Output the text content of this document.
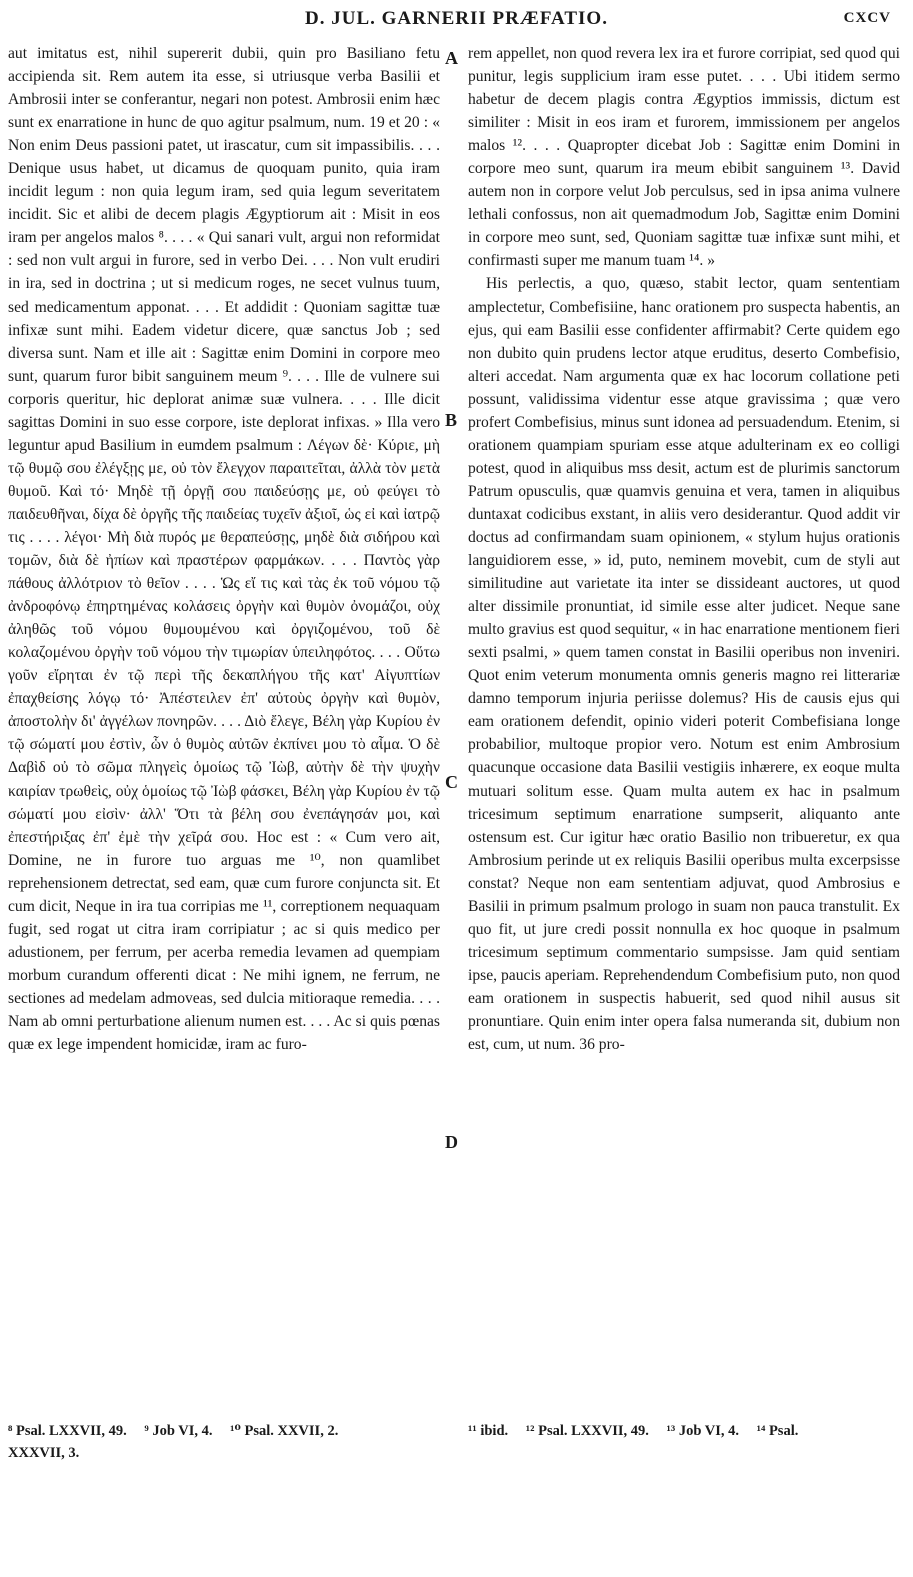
D. JUL. GARNERII PRÆFATIO.	CXCV

aut imitatus est, nihil supererit dubii, quin pro Basiliano fetu accipienda sit. Rem autem ita esse, si utriusque verba Basilii et Ambrosii inter se conferantur, negari non potest. Ambrosii enim hæc sunt ex enarratione in hunc de quo agitur psalmum, num. 19 et 20 : « Non enim Deus passioni patet, ut irascatur, cum sit impassibilis. . . . Denique usus habet, ut dicamus de quoquam punito, quia iram incidit legum : non quia legum iram, sed quia legum severitatem incidit. Sic et alibi de decem plagis Ægyptiorum ait : Misit in eos iram per angelos malos ⁸. . . . « Qui sanari vult, argui non reformidat : sed non vult argui in furore, sed in verbo Dei. . . . Non vult erudiri in ira, sed in doctrina ; ut si medicum roges, ne secet vulnus tuum, sed medicamentum apponat. . . . Et addidit : Quoniam sagittæ tuæ infixæ sunt mihi. Eadem videtur dicere, quæ sanctus Job ; sed diversa sunt. Nam et ille ait : Sagittæ enim Domini in corpore meo sunt, quarum furor bibit sanguinem meum ⁹. . . . Ille de vulnere sui corporis queritur, hic deplorat animæ suæ vulnera. . . . Ille dicit sagittas Domini in suo esse corpore, iste deplorat infixas. » Illa vero leguntur apud Basilium in eumdem psalmum : Λέγων δὲ· Κύριε, μὴ τῷ θυμῷ σου ἐλέγξῃς με, οὐ τὸν ἔλεγχον παραιτεῖται, ἀλλὰ τὸν μετὰ θυμοῦ. Καὶ τό· Μηδὲ τῇ ὀργῇ σου παιδεύσῃς με, οὐ φεύγει τὸ παιδευθῆναι, δίχα δὲ ὀργῆς τῆς παιδείας τυχεῖν ἀξιοῖ, ὡς εἰ καὶ ἰατρῷ τις . . . . λέγοι· Μὴ διὰ πυρός με θεραπεύσῃς, μηδὲ διὰ σιδήρου καὶ τομῶν, διὰ δὲ ἠπίων καὶ πραστέρων φαρμάκων. . . . Παντὸς γὰρ πάθους ἀλλότριον τὸ θεῖον . . . . Ὡς εἴ τις καὶ τὰς ἐκ τοῦ νόμου τῷ ἀνδροφόνῳ ἐπηρτημένας κολάσεις ὀργὴν καὶ θυμὸν ὀνομάζοι, οὐχ ἀληθῶς τοῦ νόμου θυμουμένου καὶ ὀργιζομένου, τοῦ δὲ κολαζομένου ὀργὴν τοῦ νόμου τὴν τιμωρίαν ὑπειληφότος. . . . Οὕτω γοῦν εἴρηται ἐν τῷ περὶ τῆς δεκαπλήγου τῆς κατ' Αἰγυπτίων ἐπαχθείσης λόγῳ τό· Ἀπέστειλεν ἐπ' αὐτοὺς ὀργὴν καὶ θυμὸν, ἀποστολὴν δι' ἀγγέλων πονηρῶν. . . . Διὸ ἔλεγε, Βέλη γὰρ Κυρίου ἐν τῷ σώματί μου ἐστὶν, ὧν ὁ θυμὸς αὐτῶν ἐκπίνει μου τὸ αἷμα. Ὁ δὲ Δαβὶδ οὐ τὸ σῶμα πληγεὶς ὁμοίως τῷ Ἰὼβ, αὐτὴν δὲ τὴν ψυχὴν καιρίαν τρωθεὶς, οὐχ ὁμοίως τῷ Ἰὼβ φάσκει, Βέλη γὰρ Κυρίου ἐν τῷ σώματί μου εἰσὶν· ἀλλ' Ὅτι τὰ βέλη σου ἐνεπάγησάν μοι, καὶ ἐπεστήριξας ἐπ' ἐμὲ τὴν χεῖρά σου. Hoc est : « Cum vero ait, Domine, ne in furore tuo arguas me ¹⁰, non quamlibet reprehensionem detrectat, sed eam, quæ cum furore conjuncta sit. Et cum dicit, Neque in ira tua corripias me ¹¹, correptionem nequaquam fugit, sed rogat ut citra iram corripiatur ; ac si quis medico per adustionem, per ferrum, per acerba remedia levamen ad quempiam morbum curandum offerenti dicat : Ne mihi ignem, ne ferrum, ne sectiones ad medelam admoveas, sed dulcia mitioraque remedia. . . . Nam ab omni perturbatione alienum numen est. . . . Ac si quis pœnas quæ ex lege impendent homicidæ, iram ac furo-

A
B
C
D

rem appellet, non quod revera lex ira et furore corripiat, sed quod qui punitur, legis supplicium iram esse putet. . . . Ubi itidem sermo habetur de decem plagis contra Ægyptios immissis, dictum est similiter : Misit in eos iram et furorem, immissionem per angelos malos ¹². . . . Quapropter dicebat Job : Sagittæ enim Domini in corpore meo sunt, quarum ira meum ebibit sanguinem ¹³. David autem non in corpore velut Job perculsus, sed in ipsa anima vulnere lethali confossus, non ait quemadmodum Job, Sagittæ enim Domini in corpore meo sunt, sed, Quoniam sagittæ tuæ infixæ sunt mihi, et confirmasti super me manum tuam ¹⁴. »

His perlectis, a quo, quæso, stabit lector, quam sententiam amplectetur, Combefisiine, hanc orationem pro suspecta habentis, an ejus, qui eam Basilii esse confidenter affirmabit? Certe quidem ego non dubito quin prudens lector atque eruditus, deserto Combefisio, alteri accedat. Nam argumenta quæ ex hac locorum collatione peti possunt, validissima videntur esse atque gravissima ; quæ vero profert Combefisius, minus sunt idonea ad persuadendum. Etenim, si orationem quampiam spuriam esse atque adulterinam ex eo colligi potest, quod in aliquibus mss desit, actum est de plurimis sanctorum Patrum opusculis, quæ quamvis genuina et vera, tamen in aliquibus duntaxat codicibus exstant, in aliis vero desiderantur. Quod addit vir doctus ad confirmandam suam opinionem, « stylum hujus orationis languidiorem esse, » id, puto, neminem movebit, cum de styli aut similitudine aut varietate ita inter se dissideant auctores, ut quod alter dissimile pronuntiat, id simile esse alter judicet. Neque sane multo gravius est quod sequitur, « in hac enarratione mentionem fieri sexti psalmi, » quem tamen constat in Basilii operibus non inveniri. Quot enim veterum monumenta omnis generis magno rei litterariæ damno temporum injuria periisse dolemus? His de causis ejus qui eam orationem defendit, opinio videri poterit Combefisiana longe probabilior, multoque propior vero. Notum est enim Ambrosium quacunque occasione data Basilii vestigiis inhærere, ex eoque multa mutuari solitum esse. Quam multa autem ex hac in psalmum tricesimum septimum enarratione sumpserit, aliquanto ante ostensum est. Cur igitur hæc oratio Basilio non tribueretur, ex qua Ambrosium perinde ut ex reliquis Basilii operibus multa excerpsisse constat? Neque non eam sententiam adjuvat, quod Ambrosius e Basilii in primum psalmum prologo in suam non pauca transtulit. Ex quo fit, ut jure credi possit nonnulla ex hoc quoque in psalmum tricesimum septimum commentario sumpsisse. Jam quid sentiam ipse, paucis aperiam. Reprehendendum Combefisium puto, non quod eam orationem in suspectis habuerit, sed quod nihil ausus sit pronuntiare. Quin enim inter opera falsa numeranda sit, dubium non est, cum, ut num. 36 pro-

⁸ Psal. LXXVII, 49. ⁹ Job VI, 4. ¹⁰ Psal. XXVII, 2.
XXXVII, 3.
¹¹ ibid. ¹² Psal. LXXVII, 49. ¹³ Job VI, 4. ¹⁴ Psal.
